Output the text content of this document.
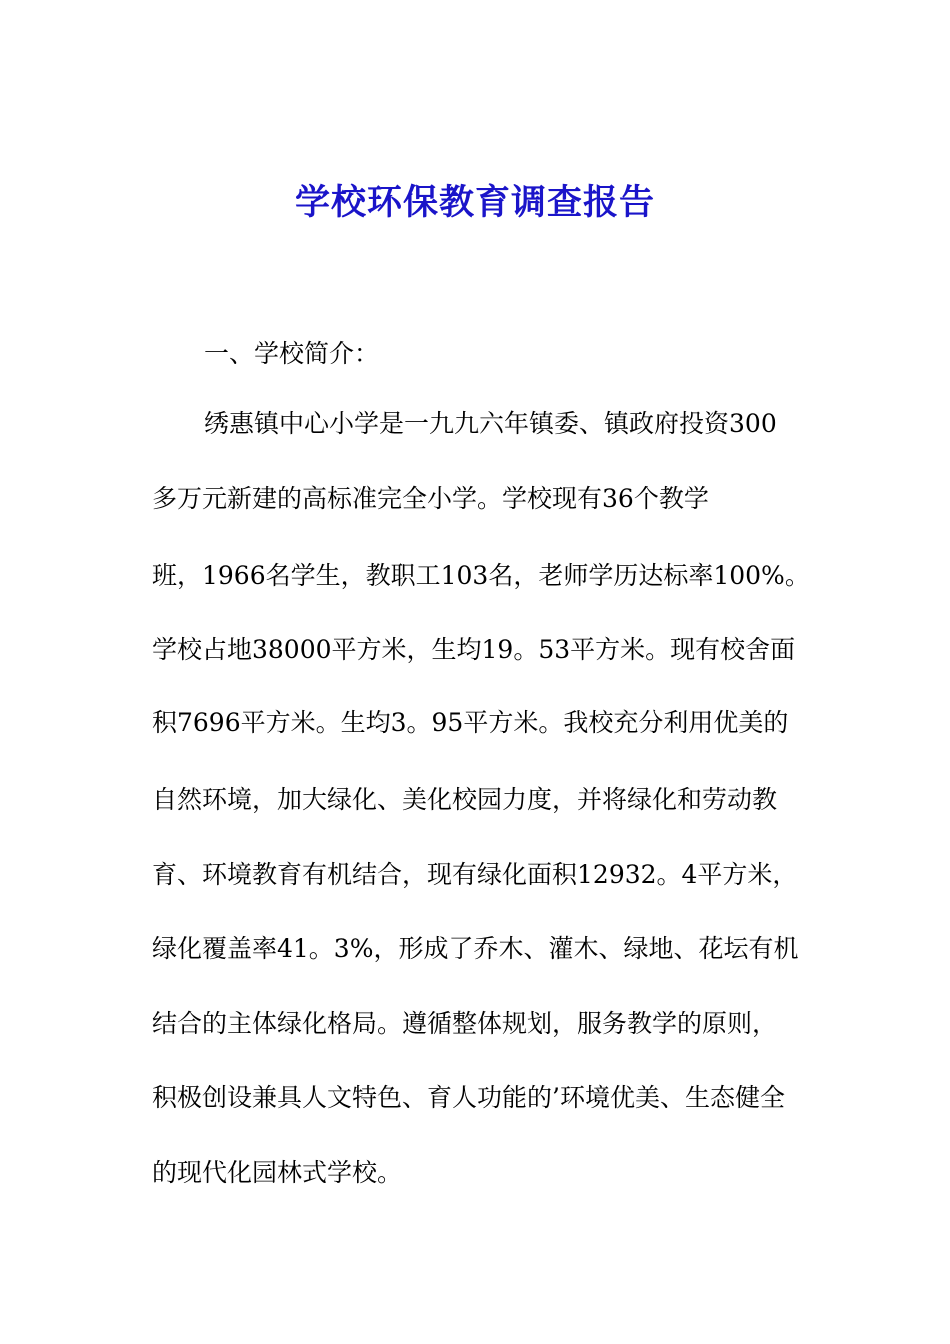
学校环保教育调查报告

一、学校简介：

绣惠镇中心小学是一九九六年镇委、镇政府投资300

多万元新建的高标准完全小学。学校现有36个教学

班，1966名学生，教职工103名，老师学历达标率100%。

学校占地38000平方米，生均19。53平方米。现有校舍面

积7696平方米。生均3。95平方米。我校充分利用优美的

自然环境，加大绿化、美化校园力度，并将绿化和劳动教

育、环境教育有机结合，现有绿化面积12932。4平方米，

绿化覆盖率41。3%，形成了乔木、灌木、绿地、花坛有机

结合的主体绿化格局。遵循整体规划，服务教学的原则，

积极创设兼具人文特色、育人功能的’环境优美、生态健全

的现代化园林式学校。
